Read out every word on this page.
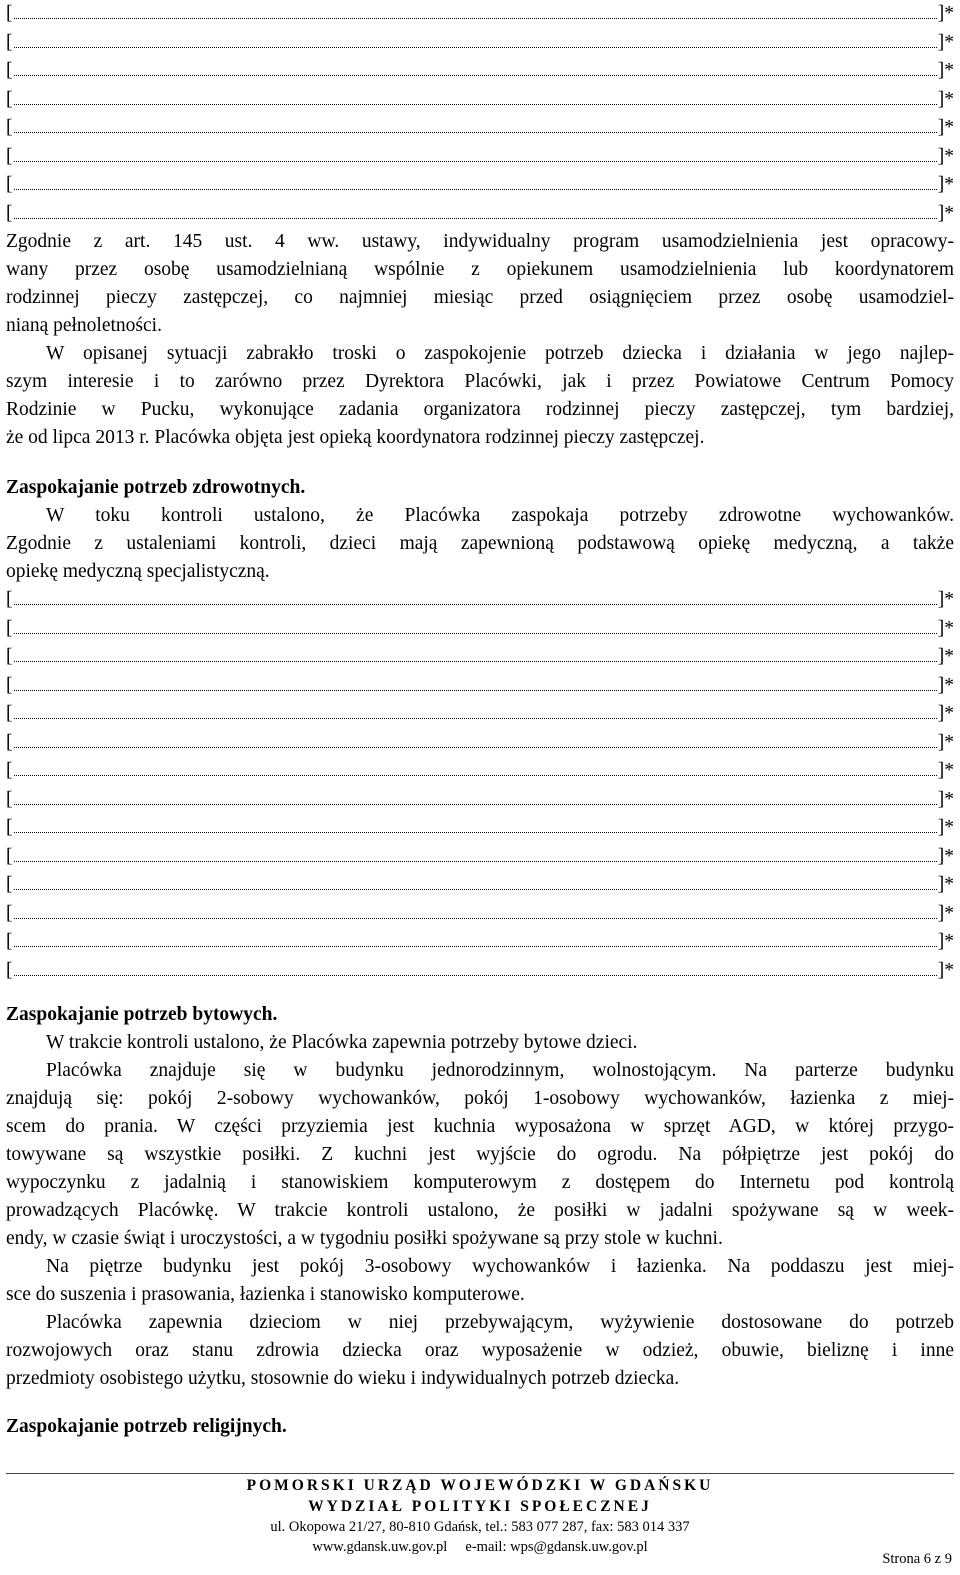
[	]*
[	]*
[	]*
[	]*
[	]*
[	]*
[	]*
[	]*
Zgodnie z art. 145 ust. 4 ww. ustawy, indywidualny program usamodzielnienia jest opracowy-
wany przez osobę usamodzielnianą wspólnie z opiekunem usamodzielnienia lub koordynatorem
rodzinnej pieczy zastępczej, co najmniej miesiąc przed osiągnięciem przez osobę usamodziel-
nianą pełnoletności.
W opisanej sytuacji zabrakło troski o zaspokojenie potrzeb dziecka i działania w jego najlep-
szym interesie i to zarówno przez Dyrektora Placówki, jak i przez Powiatowe Centrum Pomocy
Rodzinie w Pucku, wykonujące zadania organizatora rodzinnej pieczy zastępczej, tym bardziej,
że od lipca 2013 r. Placówka objęta jest opieką koordynatora rodzinnej pieczy zastępczej.
Zaspokajanie potrzeb zdrowotnych.
W toku kontroli ustalono, że Placówka zaspokaja potrzeby zdrowotne wychowanków.
Zgodnie z ustaleniami kontroli, dzieci mają zapewnioną podstawową opiekę medyczną, a także
opiekę medyczną specjalistyczną.
[	]*
[	]*
[	]*
[	]*
[	]*
[	]*
[	]*
[	]*
[	]*
[	]*
[	]*
[	]*
[	]*
[	]*
Zaspokajanie potrzeb bytowych.
W trakcie kontroli ustalono, że Placówka zapewnia potrzeby bytowe dzieci.
Placówka znajduje się w budynku jednorodzinnym, wolnostojącym. Na parterze budynku
znajdują się: pokój 2-sobowy wychowanków, pokój 1-osobowy wychowanków, łazienka z miej-
scem do prania. W części przyziemia jest kuchnia wyposażona w sprzęt AGD, w której przygo-
towywane są wszystkie posiłki. Z kuchni jest wyjście do ogrodu. Na półpiętrze jest pokój do
wypoczynku z jadalnią i stanowiskiem komputerowym z dostępem do Internetu pod kontrolą
prowadzących Placówkę. W trakcie kontroli ustalono, że posiłki w jadalni spożywane są w week-
endy, w czasie świąt i uroczystości, a w tygodniu posiłki spożywane są przy stole w kuchni.
Na piętrze budynku jest pokój 3-osobowy wychowanków i łazienka. Na poddaszu jest miej-
sce do suszenia i prasowania, łazienka i stanowisko komputerowe.
Placówka zapewnia dzieciom w niej przebywającym, wyżywienie dostosowane do potrzeb
rozwojowych oraz stanu zdrowia dziecka oraz wyposażenie w odzież, obuwie, bieliznę i inne
przedmioty osobistego użytku, stosownie do wieku i indywidualnych potrzeb dziecka.
Zaspokajanie potrzeb religijnych.
POMORSKI URZĄD WOJEWÓDZKI W GDAŃSKU
WYDZIAŁ POLITYKI SPOŁECZNEJ
ul. Okopowa 21/27, 80-810 Gdańsk, tel.: 583 077 287, fax: 583 014 337
www.gdansk.uw.gov.pl     e-mail: wps@gdansk.uw.gov.pl
Strona 6 z 9
